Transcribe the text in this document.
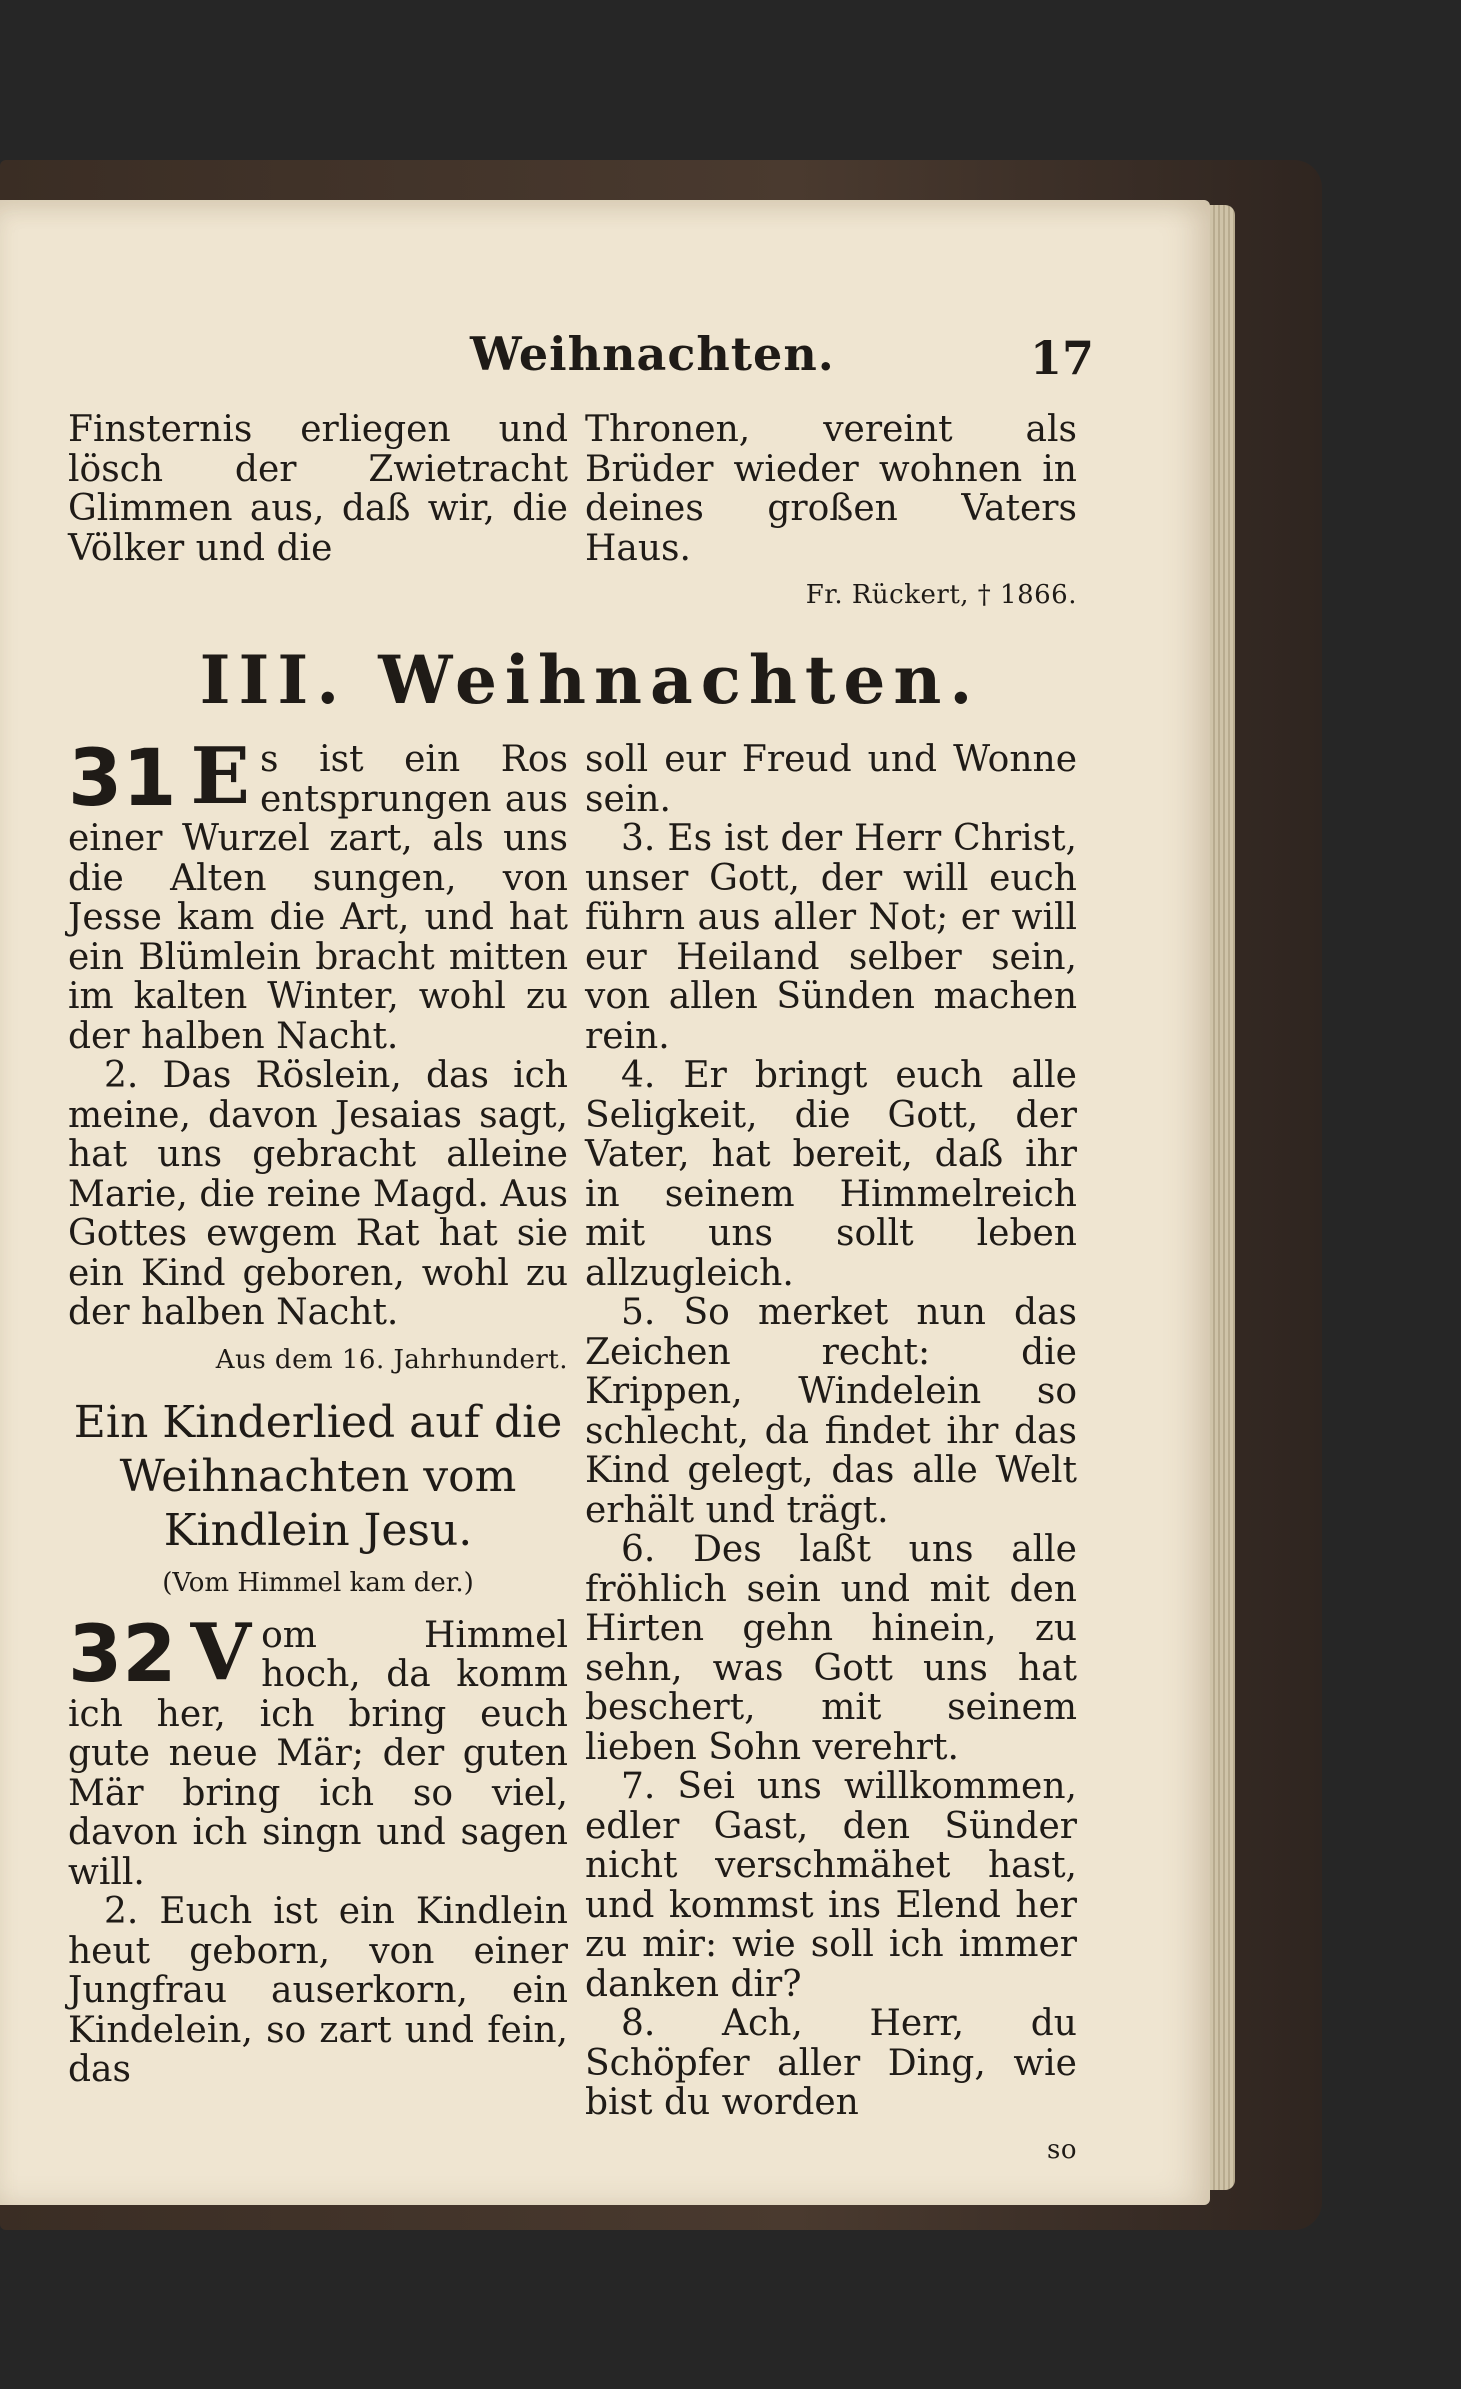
Weihnachten.	17

Finsternis erliegen und lösch der Zwietracht Glimmen aus, daß wir, die Völker und die

Thronen, vereint als Brüder wieder wohnen in deines großen Vaters Haus.

Fr. Rückert, † 1866.

III. Weihnachten.
31 E s ist ein Ros entsprungen aus einer Wurzel zart, als uns die Alten sungen, von Jesse kam die Art, und hat ein Blümlein bracht mitten im kalten Winter, wohl zu der halben Nacht.

2. Das Röslein, das ich meine, davon Jesaias sagt, hat uns gebracht alleine Marie, die reine Magd. Aus Gottes ewgem Rat hat sie ein Kind geboren, wohl zu der halben Nacht.

Aus dem 16. Jahrhundert.

Ein Kinderlied auf die Weihnachten vom Kindlein Jesu.

(Vom Himmel kam der.)

32 V om Himmel hoch, da komm ich her, ich bring euch gute neue Mär; der guten Mär bring ich so viel, davon ich singn und sagen will.

2. Euch ist ein Kindlein heut geborn, von einer Jungfrau auserkorn, ein Kindelein, so zart und fein, das

soll eur Freud und Wonne sein.

3. Es ist der Herr Christ, unser Gott, der will euch führn aus aller Not; er will eur Heiland selber sein, von allen Sünden machen rein.

4. Er bringt euch alle Seligkeit, die Gott, der Vater, hat bereit, daß ihr in seinem Himmelreich mit uns sollt leben allzugleich.

5. So merket nun das Zeichen recht: die Krippen, Windelein so schlecht, da findet ihr das Kind gelegt, das alle Welt erhält und trägt.

6. Des laßt uns alle fröhlich sein und mit den Hirten gehn hinein, zu sehn, was Gott uns hat beschert, mit seinem lieben Sohn verehrt.

7. Sei uns willkommen, edler Gast, den Sünder nicht verschmähet hast, und kommst ins Elend her zu mir: wie soll ich immer danken dir?

8. Ach, Herr, du Schöpfer aller Ding, wie bist du worden

so
